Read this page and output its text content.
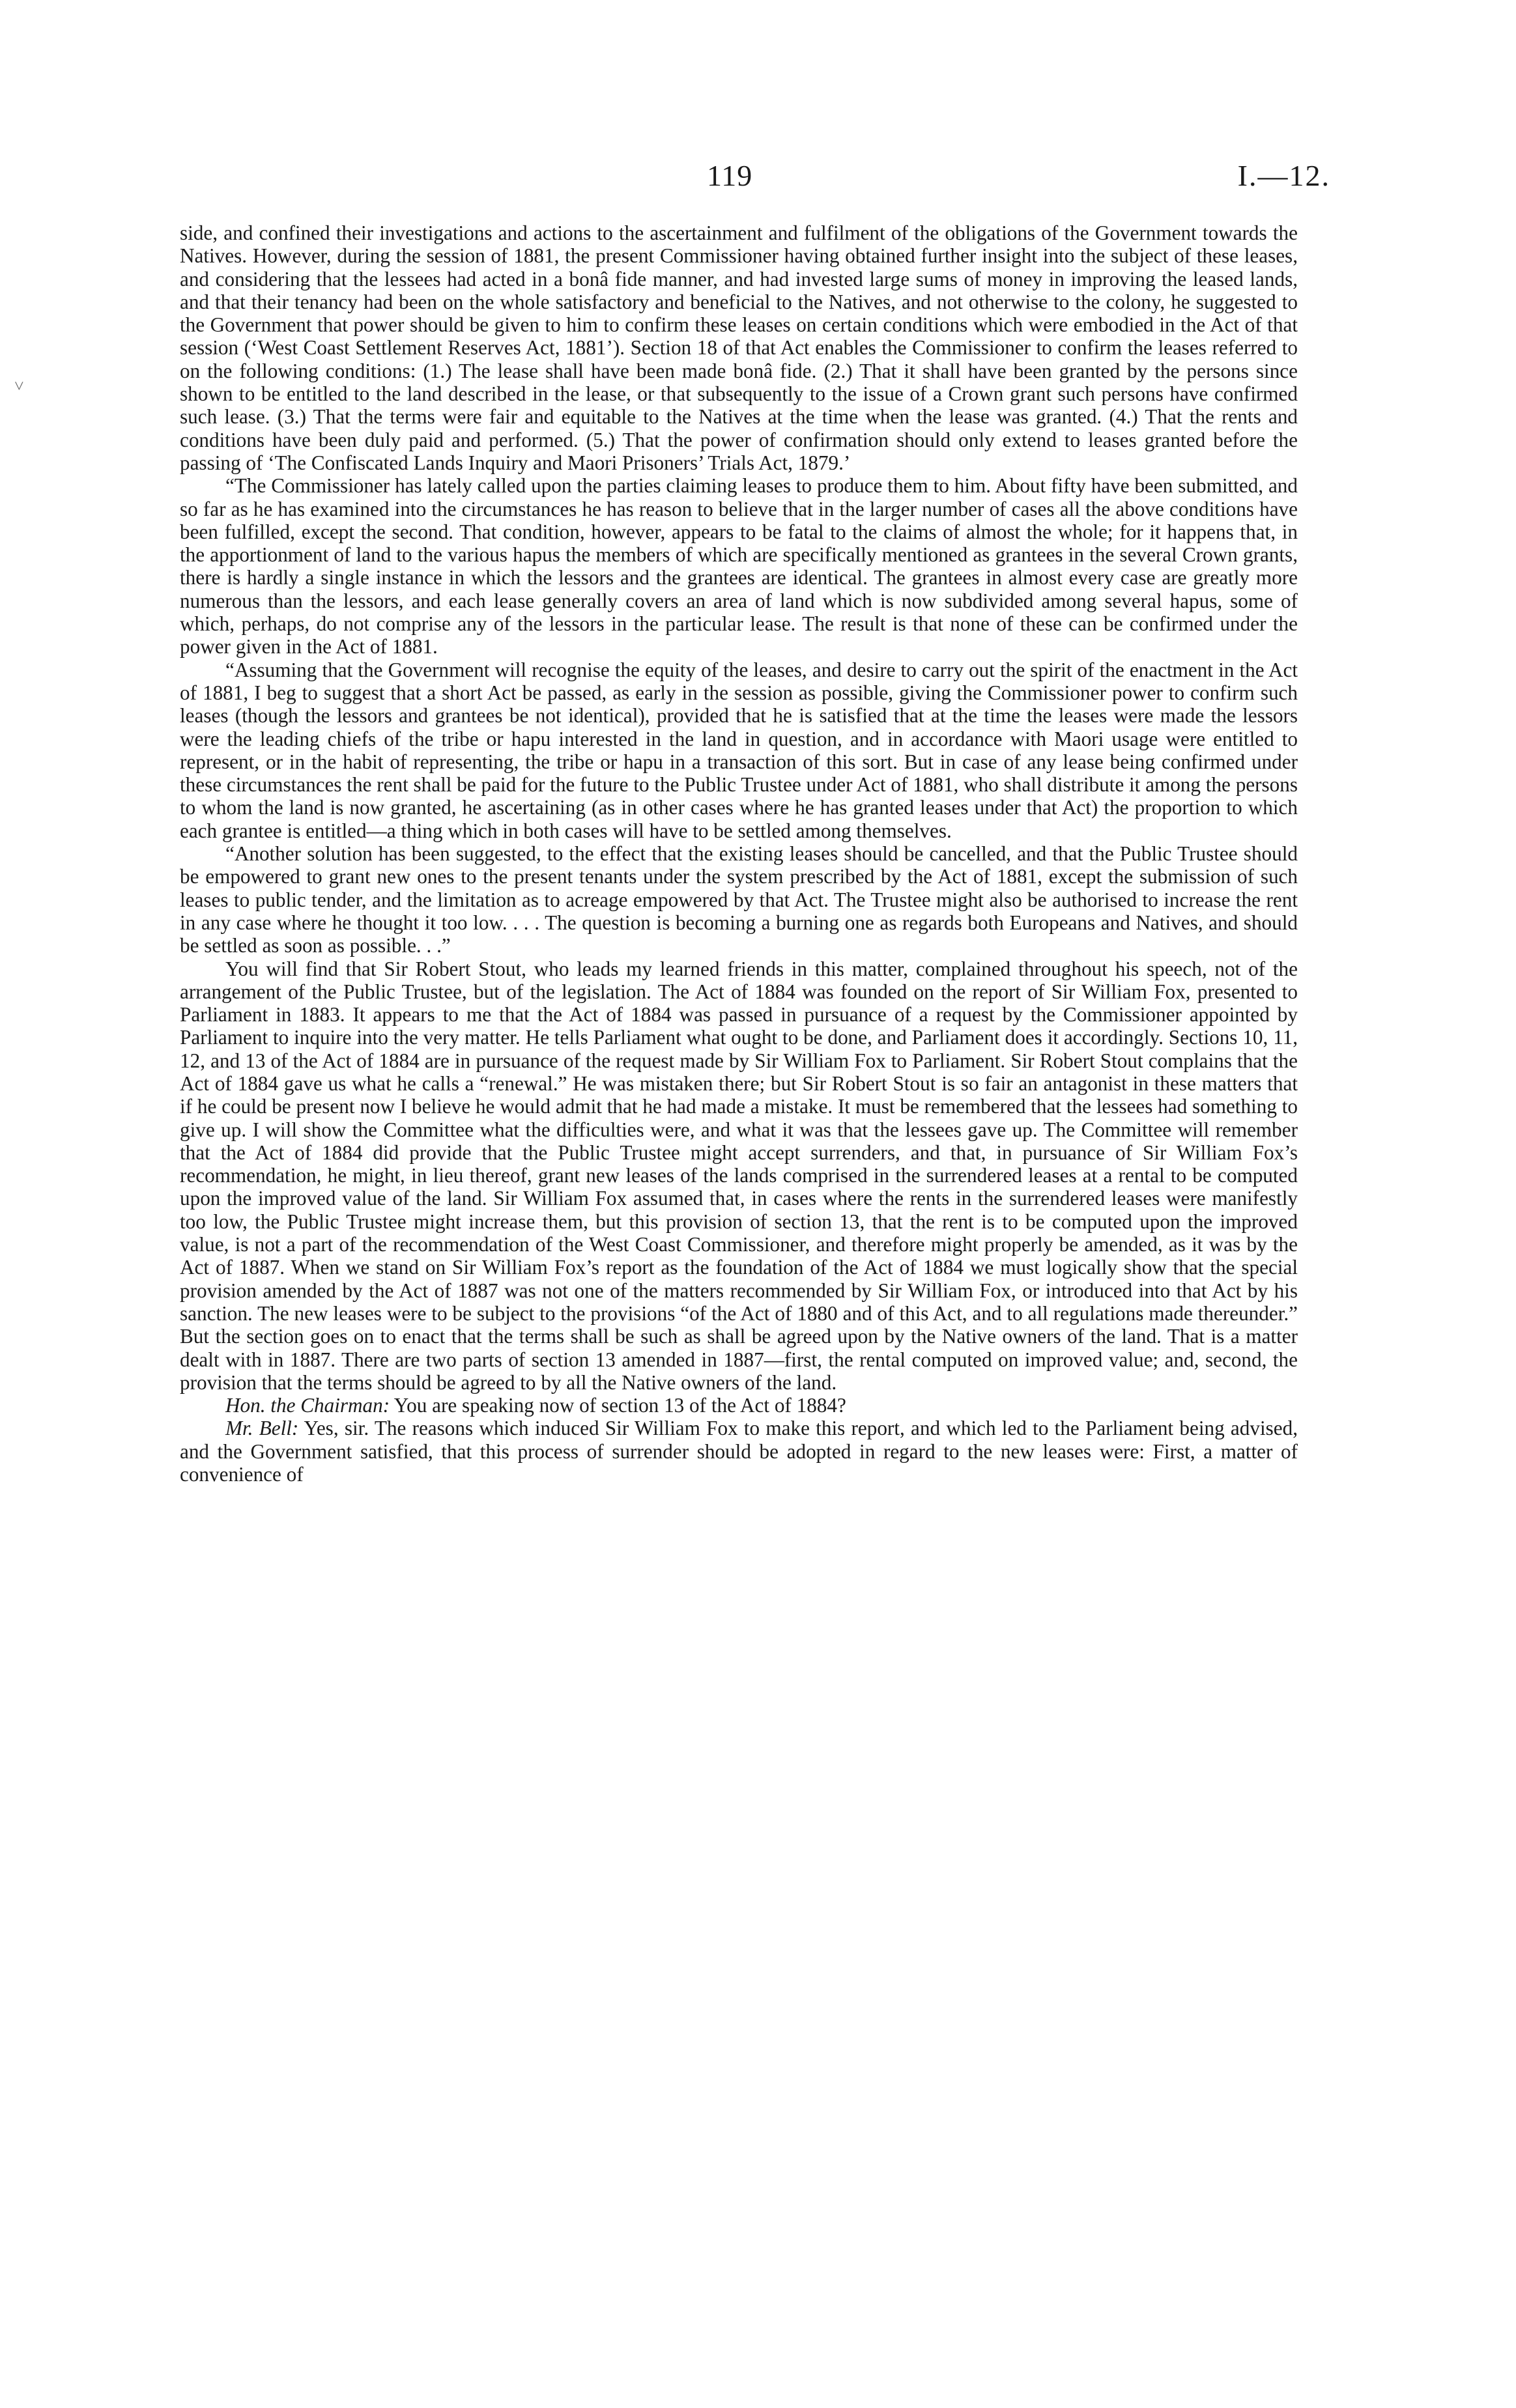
119	I.—12.
˅

side, and confined their investigations and actions to the ascertainment and fulfilment of the obligations of the Government towards the Natives. However, during the session of 1881, the present Commissioner having obtained further insight into the subject of these leases, and considering that the lessees had acted in a bonâ fide manner, and had invested large sums of money in improving the leased lands, and that their tenancy had been on the whole satisfactory and beneficial to the Natives, and not otherwise to the colony, he suggested to the Government that power should be given to him to confirm these leases on certain conditions which were embodied in the Act of that session (‘West Coast Settlement Reserves Act, 1881’). Section 18 of that Act enables the Commissioner to confirm the leases referred to on the following conditions: (1.) The lease shall have been made bonâ fide. (2.) That it shall have been granted by the persons since shown to be entitled to the land described in the lease, or that subsequently to the issue of a Crown grant such persons have confirmed such lease. (3.) That the terms were fair and equitable to the Natives at the time when the lease was granted. (4.) That the rents and conditions have been duly paid and performed. (5.) That the power of confirmation should only extend to leases granted before the passing of ‘The Confiscated Lands Inquiry and Maori Prisoners’ Trials Act, 1879.’

“The Commissioner has lately called upon the parties claiming leases to produce them to him. About fifty have been submitted, and so far as he has examined into the circumstances he has reason to believe that in the larger number of cases all the above conditions have been fulfilled, except the second. That condition, however, appears to be fatal to the claims of almost the whole; for it happens that, in the apportionment of land to the various hapus the members of which are specifically mentioned as grantees in the several Crown grants, there is hardly a single instance in which the lessors and the grantees are identical. The grantees in almost every case are greatly more numerous than the lessors, and each lease generally covers an area of land which is now subdivided among several hapus, some of which, perhaps, do not comprise any of the lessors in the particular lease. The result is that none of these can be confirmed under the power given in the Act of 1881.

“Assuming that the Government will recognise the equity of the leases, and desire to carry out the spirit of the enactment in the Act of 1881, I beg to suggest that a short Act be passed, as early in the session as possible, giving the Commissioner power to confirm such leases (though the lessors and grantees be not identical), provided that he is satisfied that at the time the leases were made the lessors were the leading chiefs of the tribe or hapu interested in the land in question, and in accordance with Maori usage were entitled to represent, or in the habit of representing, the tribe or hapu in a transaction of this sort. But in case of any lease being confirmed under these circumstances the rent shall be paid for the future to the Public Trustee under Act of 1881, who shall distribute it among the persons to whom the land is now granted, he ascertaining (as in other cases where he has granted leases under that Act) the proportion to which each grantee is entitled—a thing which in both cases will have to be settled among themselves.

“Another solution has been suggested, to the effect that the existing leases should be cancelled, and that the Public Trustee should be empowered to grant new ones to the present tenants under the system prescribed by the Act of 1881, except the submission of such leases to public tender, and the limitation as to acreage empowered by that Act. The Trustee might also be authorised to increase the rent in any case where he thought it too low. . . . The question is becoming a burning one as regards both Europeans and Natives, and should be settled as soon as possible. . .”

You will find that Sir Robert Stout, who leads my learned friends in this matter, complained throughout his speech, not of the arrangement of the Public Trustee, but of the legislation. The Act of 1884 was founded on the report of Sir William Fox, presented to Parliament in 1883. It appears to me that the Act of 1884 was passed in pursuance of a request by the Commissioner appointed by Parliament to inquire into the very matter. He tells Parliament what ought to be done, and Parliament does it accordingly. Sections 10, 11, 12, and 13 of the Act of 1884 are in pursuance of the request made by Sir William Fox to Parliament. Sir Robert Stout complains that the Act of 1884 gave us what he calls a “renewal.” He was mistaken there; but Sir Robert Stout is so fair an antagonist in these matters that if he could be present now I believe he would admit that he had made a mistake. It must be remembered that the lessees had something to give up. I will show the Committee what the difficulties were, and what it was that the lessees gave up. The Committee will remember that the Act of 1884 did provide that the Public Trustee might accept surrenders, and that, in pursuance of Sir William Fox’s recommendation, he might, in lieu thereof, grant new leases of the lands comprised in the surrendered leases at a rental to be computed upon the improved value of the land. Sir William Fox assumed that, in cases where the rents in the surrendered leases were manifestly too low, the Public Trustee might increase them, but this provision of section 13, that the rent is to be computed upon the improved value, is not a part of the recommendation of the West Coast Commissioner, and therefore might properly be amended, as it was by the Act of 1887. When we stand on Sir William Fox’s report as the foundation of the Act of 1884 we must logically show that the special provision amended by the Act of 1887 was not one of the matters recommended by Sir William Fox, or introduced into that Act by his sanction. The new leases were to be subject to the provisions “of the Act of 1880 and of this Act, and to all regulations made thereunder.” But the section goes on to enact that the terms shall be such as shall be agreed upon by the Native owners of the land. That is a matter dealt with in 1887. There are two parts of section 13 amended in 1887—first, the rental computed on improved value; and, second, the provision that the terms should be agreed to by all the Native owners of the land.

Hon. the Chairman: You are speaking now of section 13 of the Act of 1884?

Mr. Bell: Yes, sir. The reasons which induced Sir William Fox to make this report, and which led to the Parliament being advised, and the Government satisfied, that this process of surrender should be adopted in regard to the new leases were: First, a matter of convenience of
